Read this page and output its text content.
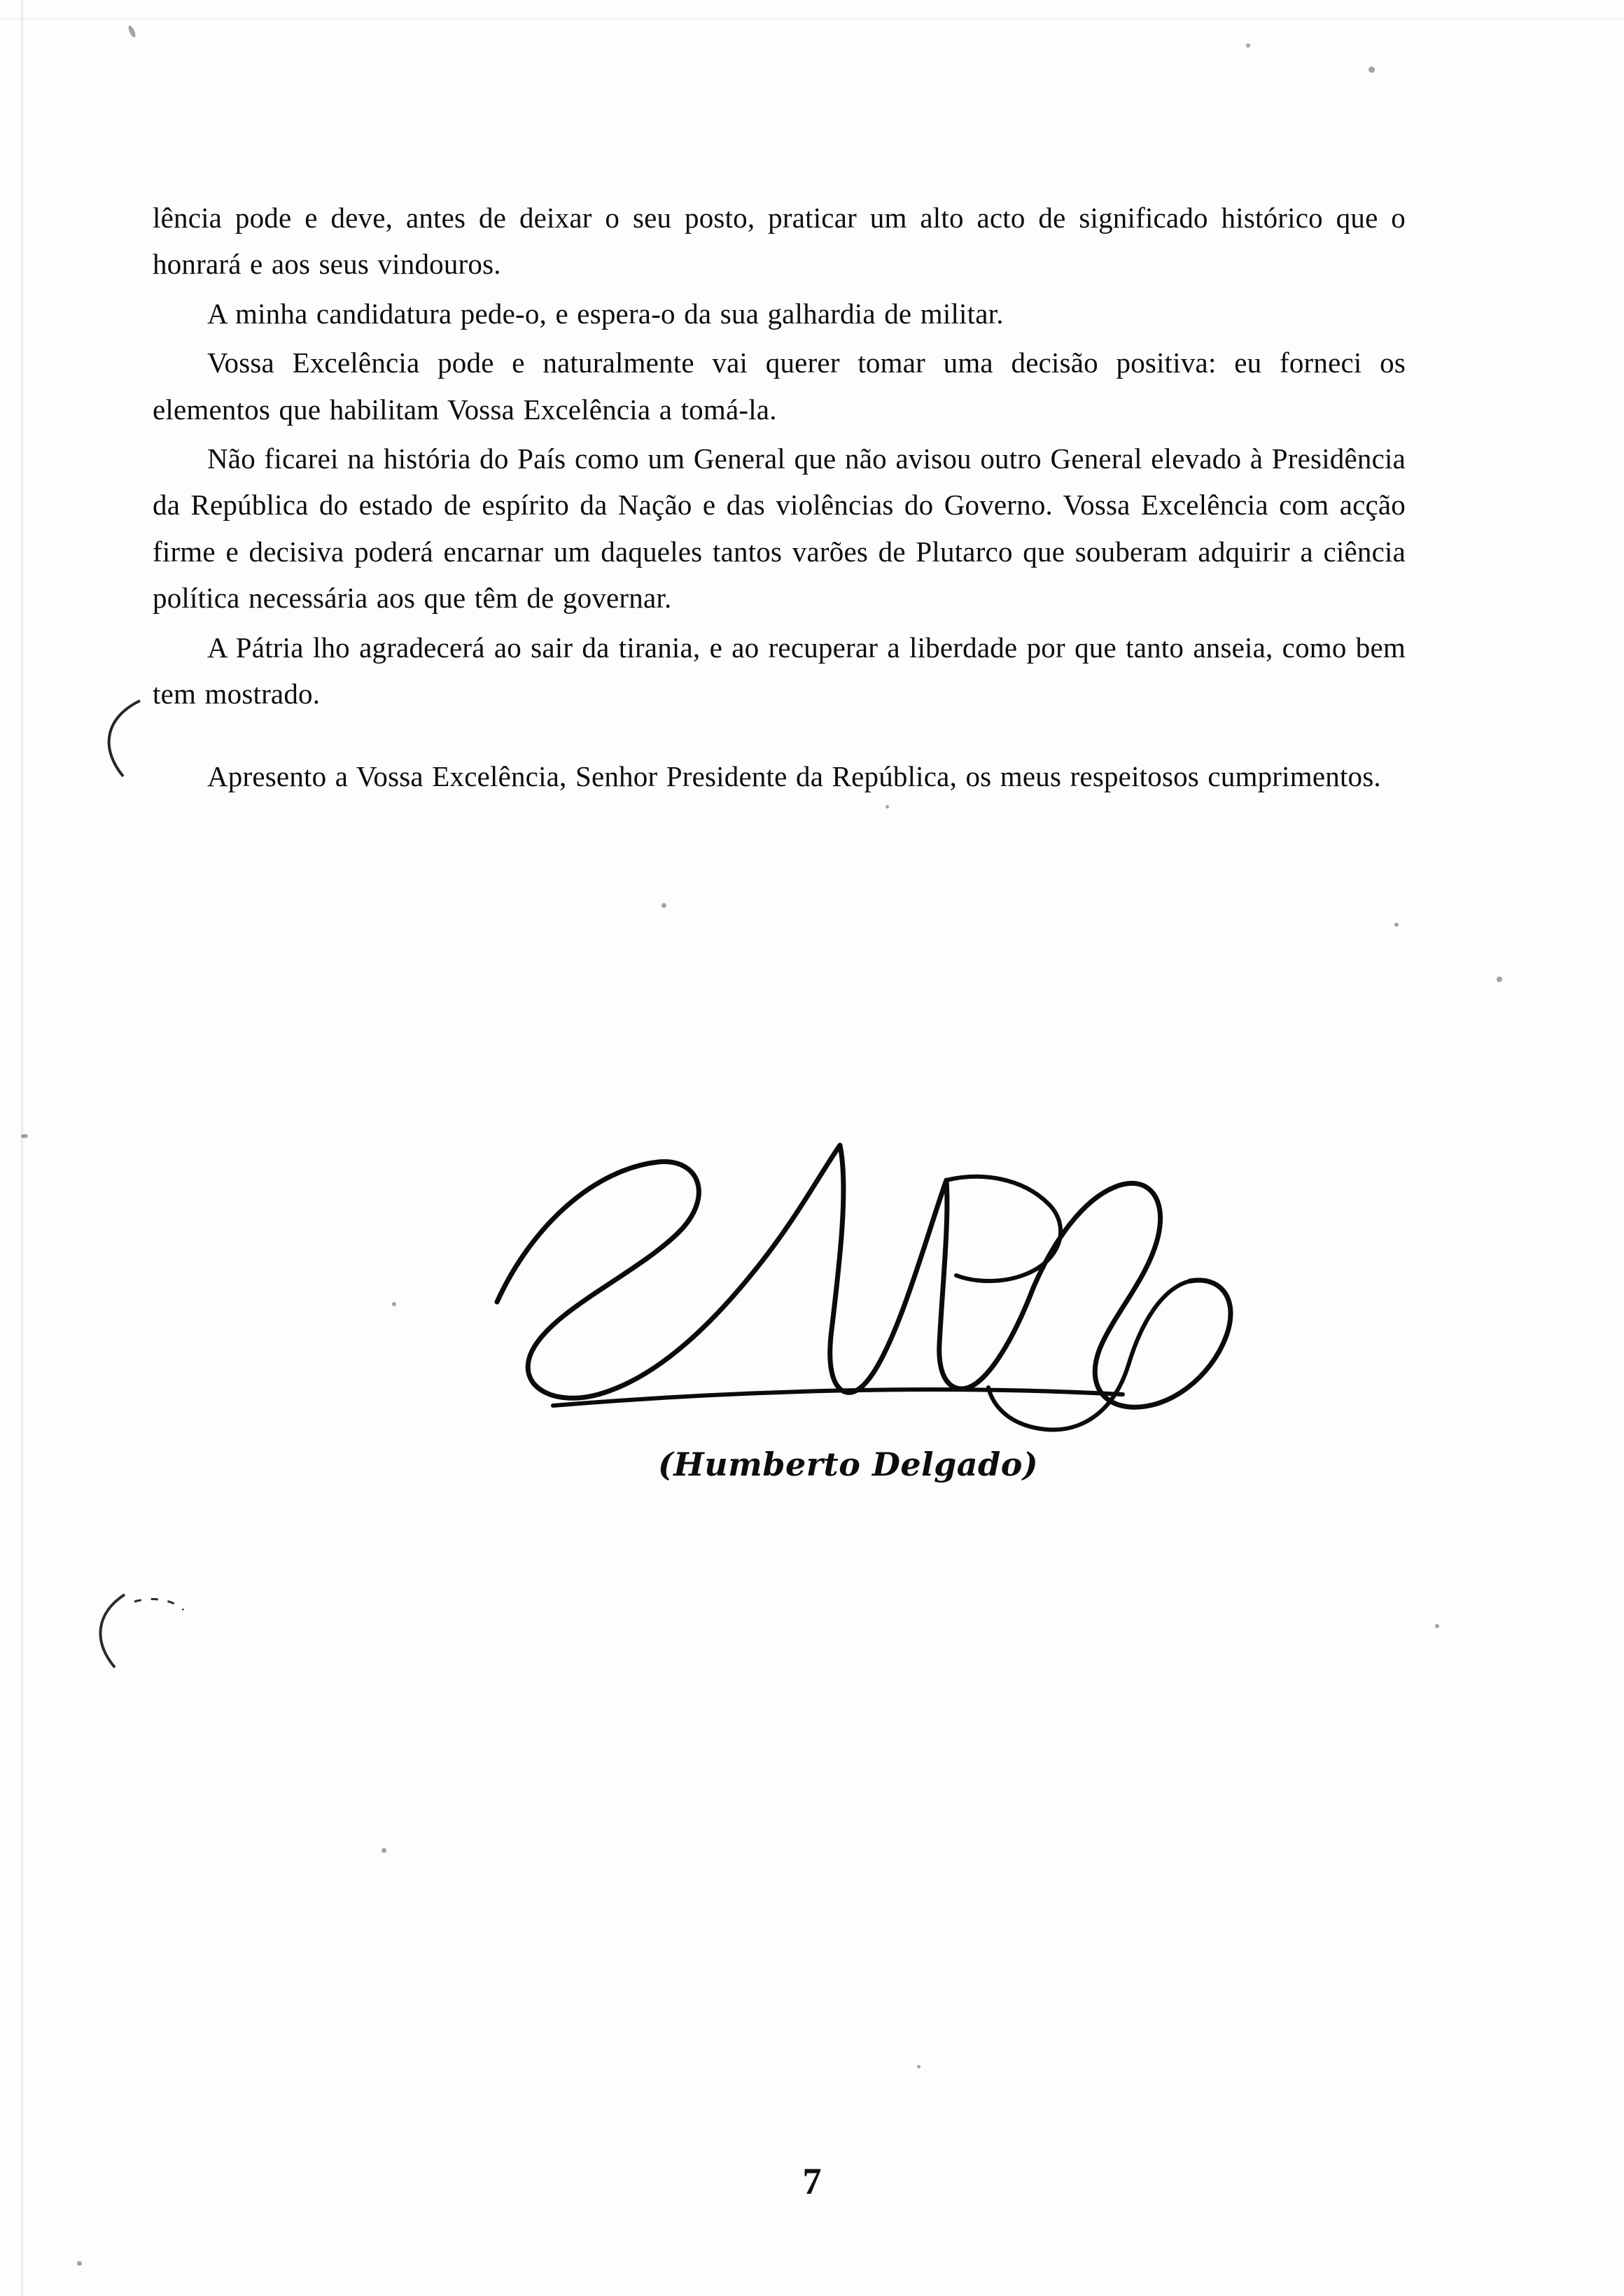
lência pode e deve, antes de deixar o seu posto, praticar um alto acto de significado histórico que o honrará e aos seus vindouros.

A minha candidatura pede-o, e espera-o da sua galhardia de militar.

Vossa Excelência pode e naturalmente vai querer tomar uma decisão positiva: eu forneci os elementos que habilitam Vossa Excelência a tomá-la.

Não ficarei na história do País como um General que não avisou outro General elevado à Presidência da República do estado de espírito da Nação e das violências do Governo. Vossa Excelência com acção firme e decisiva poderá encarnar um daqueles tantos varões de Plutarco que souberam adquirir a ciência política necessária aos que têm de governar.

A Pátria lho agradecerá ao sair da tirania, e ao recuperar a liberdade por que tanto anseia, como bem tem mostrado.

Apresento a Vossa Excelência, Senhor Presidente da República, os meus respeitosos cumprimentos.

(Humberto Delgado)
7
